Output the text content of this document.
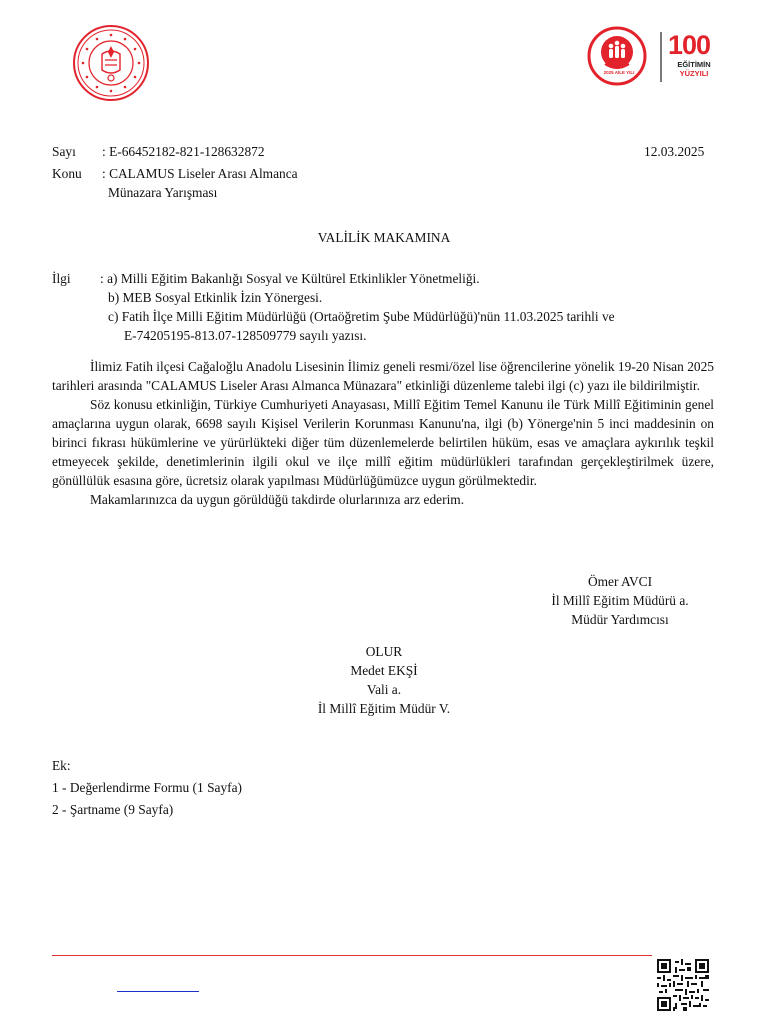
2025 AİLE YILI
100
EĞİTİMİN
YÜZYILI
Sayı : E-66452182-821-128632872	12.03.2025
Konu : CALAMUS Liseler Arası Almanca
Münazara Yarışması
VALİLİK MAKAMINA
İlgi : a) Milli Eğitim Bakanlığı Sosyal ve Kültürel Etkinlikler Yönetmeliği.
b) MEB Sosyal Etkinlik İzin Yönergesi.
c) Fatih İlçe Milli Eğitim Müdürlüğü (Ortaöğretim Şube Müdürlüğü)'nün 11.03.2025 tarihli ve
E-74205195-813.07-128509779 sayılı yazısı.

İlimiz Fatih ilçesi Cağaloğlu Anadolu Lisesinin İlimiz geneli resmi/özel lise öğrencilerine yönelik 19-20 Nisan 2025 tarihleri arasında "CALAMUS Liseler Arası Almanca Münazara" etkinliği düzenleme talebi ilgi (c) yazı ile bildirilmiştir.

Söz konusu etkinliğin, Türkiye Cumhuriyeti Anayasası, Millî Eğitim Temel Kanunu ile Türk Millî Eğitiminin genel amaçlarına uygun olarak, 6698 sayılı Kişisel Verilerin Korunması Kanunu'na, ilgi (b) Yönerge'nin 5 inci maddesinin on birinci fıkrası hükümlerine ve yürürlükteki diğer tüm düzenlemelerde belirtilen hüküm, esas ve amaçlara aykırılık teşkil etmeyecek şekilde, denetimlerinin ilgili okul ve ilçe millî eğitim müdürlükleri tarafından gerçekleştirilmek üzere, gönüllülük esasına göre, ücretsiz olarak yapılması Müdürlüğümüzce uygun görülmektedir.

Makamlarınızca da uygun görüldüğü takdirde olurlarınıza arz ederim.

Ömer AVCI
İl Millî Eğitim Müdürü a.
Müdür Yardımcısı
OLUR
Medet EKŞİ
Vali a.
İl Millî Eğitim Müdür V.
Ek:
1 - Değerlendirme Formu (1 Sayfa)
2 - Şartname (9 Sayfa)
